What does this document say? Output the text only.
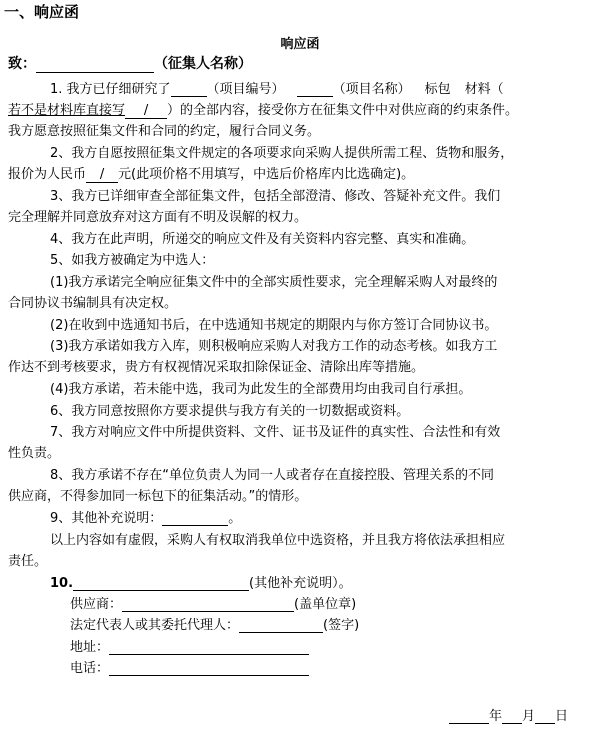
一、响应函
响应函
致：	（征集人名称）
1. 我方已仔细研究了	（项目编号）	（项目名称） 标包 材料（
若不是材料库直接写 / ）的全部内容，接受你方在征集文件中对供应商的约束条件。
我方愿意按照征集文件和合同的约定，履行合同义务。
2、我方自愿按照征集文件规定的各项要求向采购人提供所需工程、货物和服务，
报价为人民币 / 元(此项价格不用填写，中选后价格库内比选确定)。
3、我方已详细审查全部征集文件，包括全部澄清、修改、答疑补充文件。我们
完全理解并同意放弃对这方面有不明及误解的权力。
4、我方在此声明，所递交的响应文件及有关资料内容完整、真实和准确。
5、如我方被确定为中选人：
(1)我方承诺完全响应征集文件中的全部实质性要求，完全理解采购人对最终的
合同协议书编制具有决定权。
(2)在收到中选通知书后，在中选通知书规定的期限内与你方签订合同协议书。
(3)我方承诺如我方入库，则积极响应采购人对我方工作的动态考核。如我方工
作达不到考核要求，贵方有权视情况采取扣除保证金、清除出库等措施。
(4)我方承诺，若未能中选，我司为此发生的全部费用均由我司自行承担。
6、我方同意按照你方要求提供与我方有关的一切数据或资料。
7、我方对响应文件中所提供资料、文件、证书及证件的真实性、合法性和有效
性负责。
8、我方承诺不存在“单位负责人为同一人或者存在直接控股、管理关系的不同
供应商，不得参加同一标包下的征集活动。”的情形。
9、其他补充说明：	。
以上内容如有虚假，采购人有权取消我单位中选资格，并且我方将依法承担相应
责任。
10.	(其他补充说明）。
供应商：	(盖单位章)
法定代表人或其委托代理人：	(签字)
地址：
电话：
年 月 日
